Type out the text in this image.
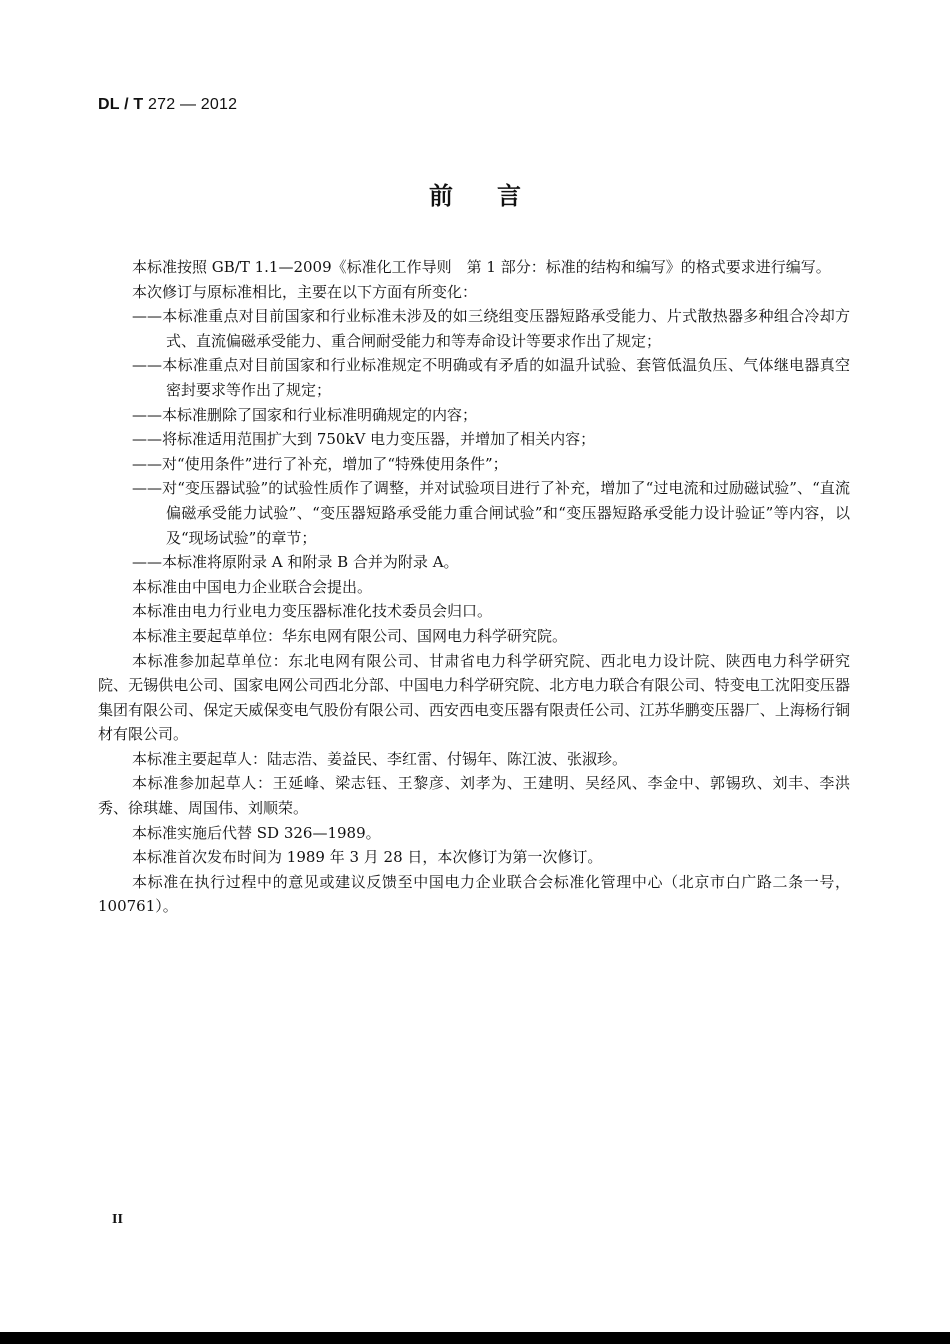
DL / T 272 — 2012
前言

本标准按照 GB/T 1.1—2009《标准化工作导则　第 1 部分：标准的结构和编写》的格式要求进行编写。

本次修订与原标准相比，主要在以下方面有所变化：

——本标准重点对目前国家和行业标准未涉及的如三绕组变压器短路承受能力、片式散热器多种组合冷却方式、直流偏磁承受能力、重合闸耐受能力和等寿命设计等要求作出了规定；

——本标准重点对目前国家和行业标准规定不明确或有矛盾的如温升试验、套管低温负压、气体继电器真空密封要求等作出了规定；

——本标准删除了国家和行业标准明确规定的内容；

——将标准适用范围扩大到 750kV 电力变压器，并增加了相关内容；

——对“使用条件”进行了补充，增加了“特殊使用条件”；

——对“变压器试验”的试验性质作了调整，并对试验项目进行了补充，增加了“过电流和过励磁试验”、“直流偏磁承受能力试验”、“变压器短路承受能力重合闸试验”和“变压器短路承受能力设计验证”等内容，以及“现场试验”的章节；

——本标准将原附录 A 和附录 B 合并为附录 A。

本标准由中国电力企业联合会提出。

本标准由电力行业电力变压器标准化技术委员会归口。

本标准主要起草单位：华东电网有限公司、国网电力科学研究院。

本标准参加起草单位：东北电网有限公司、甘肃省电力科学研究院、西北电力设计院、陕西电力科学研究院、无锡供电公司、国家电网公司西北分部、中国电力科学研究院、北方电力联合有限公司、特变电工沈阳变压器集团有限公司、保定天威保变电气股份有限公司、西安西电变压器有限责任公司、江苏华鹏变压器厂、上海杨行铜材有限公司。

本标准主要起草人：陆志浩、姜益民、李红雷、付锡年、陈江波、张淑珍。

本标准参加起草人：王延峰、梁志钰、王黎彦、刘孝为、王建明、吴经风、李金中、郭锡玖、刘丰、李洪秀、徐琪雄、周国伟、刘顺荣。

本标准实施后代替 SD 326—1989。

本标准首次发布时间为 1989 年 3 月 28 日，本次修订为第一次修订。

本标准在执行过程中的意见或建议反馈至中国电力企业联合会标准化管理中心（北京市白广路二条一号，100761）。

II
